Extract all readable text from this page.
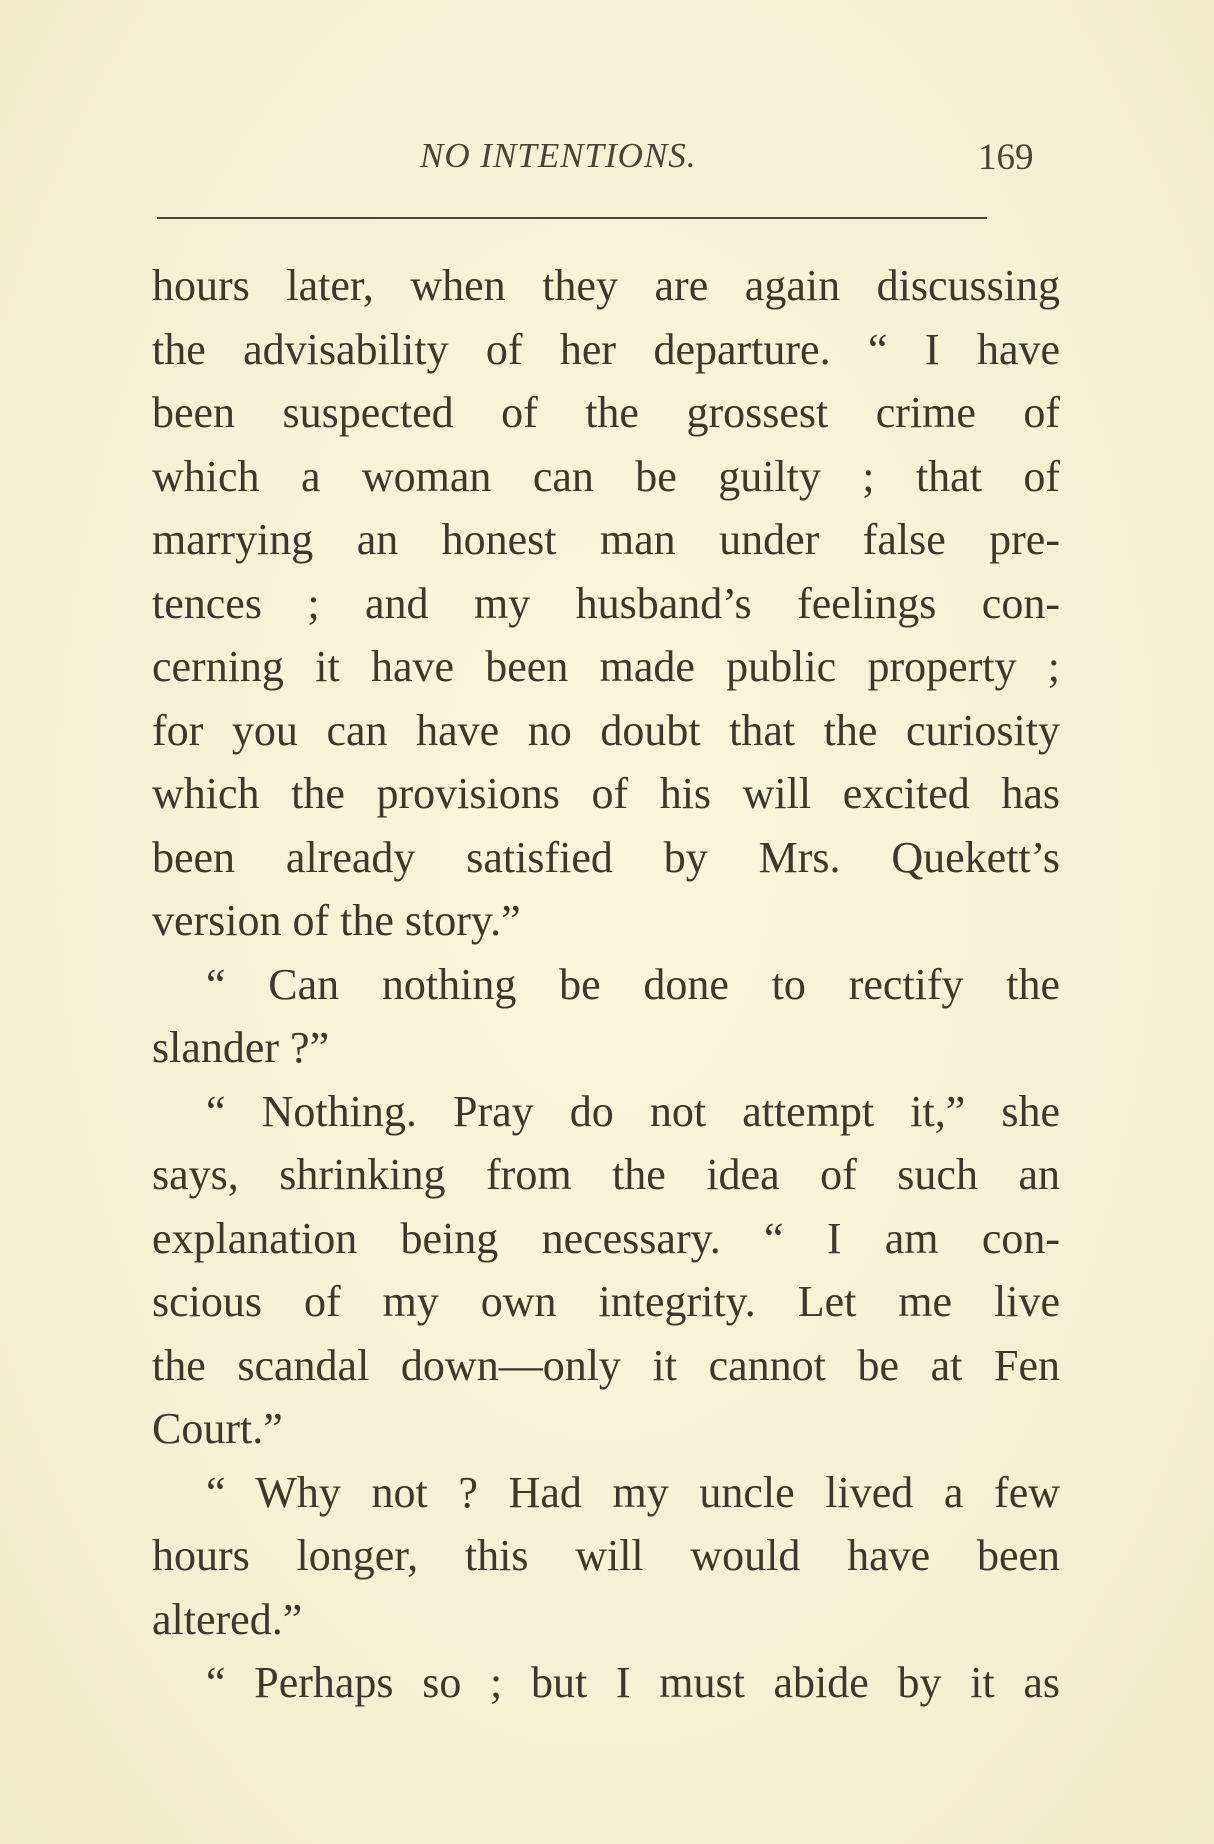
NO INTENTIONS.	169
hours later, when they are again discussing
the advisability of her departure. “ I have
been suspected of the grossest crime of
which a woman can be guilty ; that of
marrying an honest man under false pre-
tences ; and my husband’s feelings con-
cerning it have been made public property ;
for you can have no doubt that the curiosity
which the provisions of his will excited has
been already satisfied by Mrs. Quekett’s
version of the story.”
“ Can nothing be done to rectify the
slander ?”
“ Nothing. Pray do not attempt it,” she
says, shrinking from the idea of such an
explanation being necessary. “ I am con-
scious of my own integrity. Let me live
the scandal down—only it cannot be at Fen
Court.”
“ Why not ? Had my uncle lived a few
hours longer, this will would have been
altered.”
“ Perhaps so ; but I must abide by it as
